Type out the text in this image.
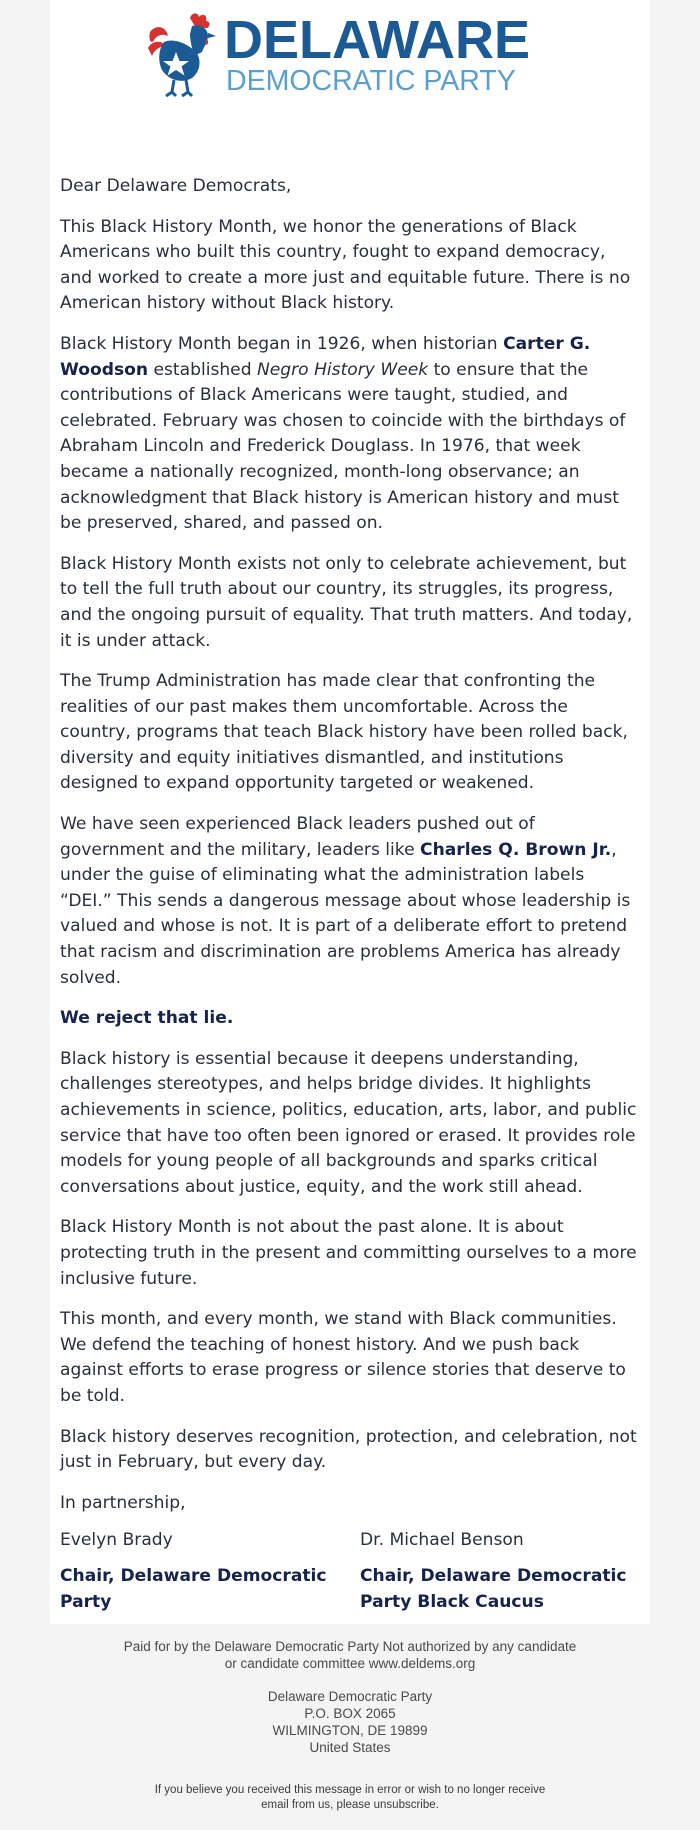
DELAWARE
DEMOCRATIC PARTY

Dear Delaware Democrats,

This Black History Month, we honor the generations of Black Americans who built this country, fought to expand democracy, and worked to create a more just and equitable future. There is no American history without Black history.

Black History Month began in 1926, when historian Carter G. Woodson established Negro History Week to ensure that the contributions of Black Americans were taught, studied, and celebrated. February was chosen to coincide with the birthdays of Abraham Lincoln and Frederick Douglass. In 1976, that week became a nationally recognized, month-long observance; an acknowledgment that Black history is American history and must be preserved, shared, and passed on.

Black History Month exists not only to celebrate achievement, but to tell the full truth about our country, its struggles, its progress, and the ongoing pursuit of equality. That truth matters. And today, it is under attack.

The Trump Administration has made clear that confronting the realities of our past makes them uncomfortable. Across the country, programs that teach Black history have been rolled back, diversity and equity initiatives dismantled, and institutions designed to expand opportunity targeted or weakened.

We have seen experienced Black leaders pushed out of government and the military, leaders like Charles Q. Brown Jr., under the guise of eliminating what the administration labels “DEI.” This sends a dangerous message about whose leadership is valued and whose is not. It is part of a deliberate effort to pretend that racism and discrimination are problems America has already solved.

We reject that lie.

Black history is essential because it deepens understanding, challenges stereotypes, and helps bridge divides. It highlights achievements in science, politics, education, arts, labor, and public service that have too often been ignored or erased. It provides role models for young people of all backgrounds and sparks critical conversations about justice, equity, and the work still ahead.

Black History Month is not about the past alone. It is about protecting truth in the present and committing ourselves to a more inclusive future.

This month, and every month, we stand with Black communities. We defend the teaching of honest history. And we push back against efforts to erase progress or silence stories that deserve to be told.

Black history deserves recognition, protection, and celebration, not just in February, but every day.

In partnership,

Evelyn Brady
Chair, Delaware Democratic Party
Dr. Michael Benson
Chair, Delaware Democratic Party Black Caucus
Paid for by the Delaware Democratic Party Not authorized by any candidate or candidate committee www.deldems.org
Delaware Democratic Party
P.O. BOX 2065
WILMINGTON, DE 19899
United States
If you believe you received this message in error or wish to no longer receive email from us, please unsubscribe.
